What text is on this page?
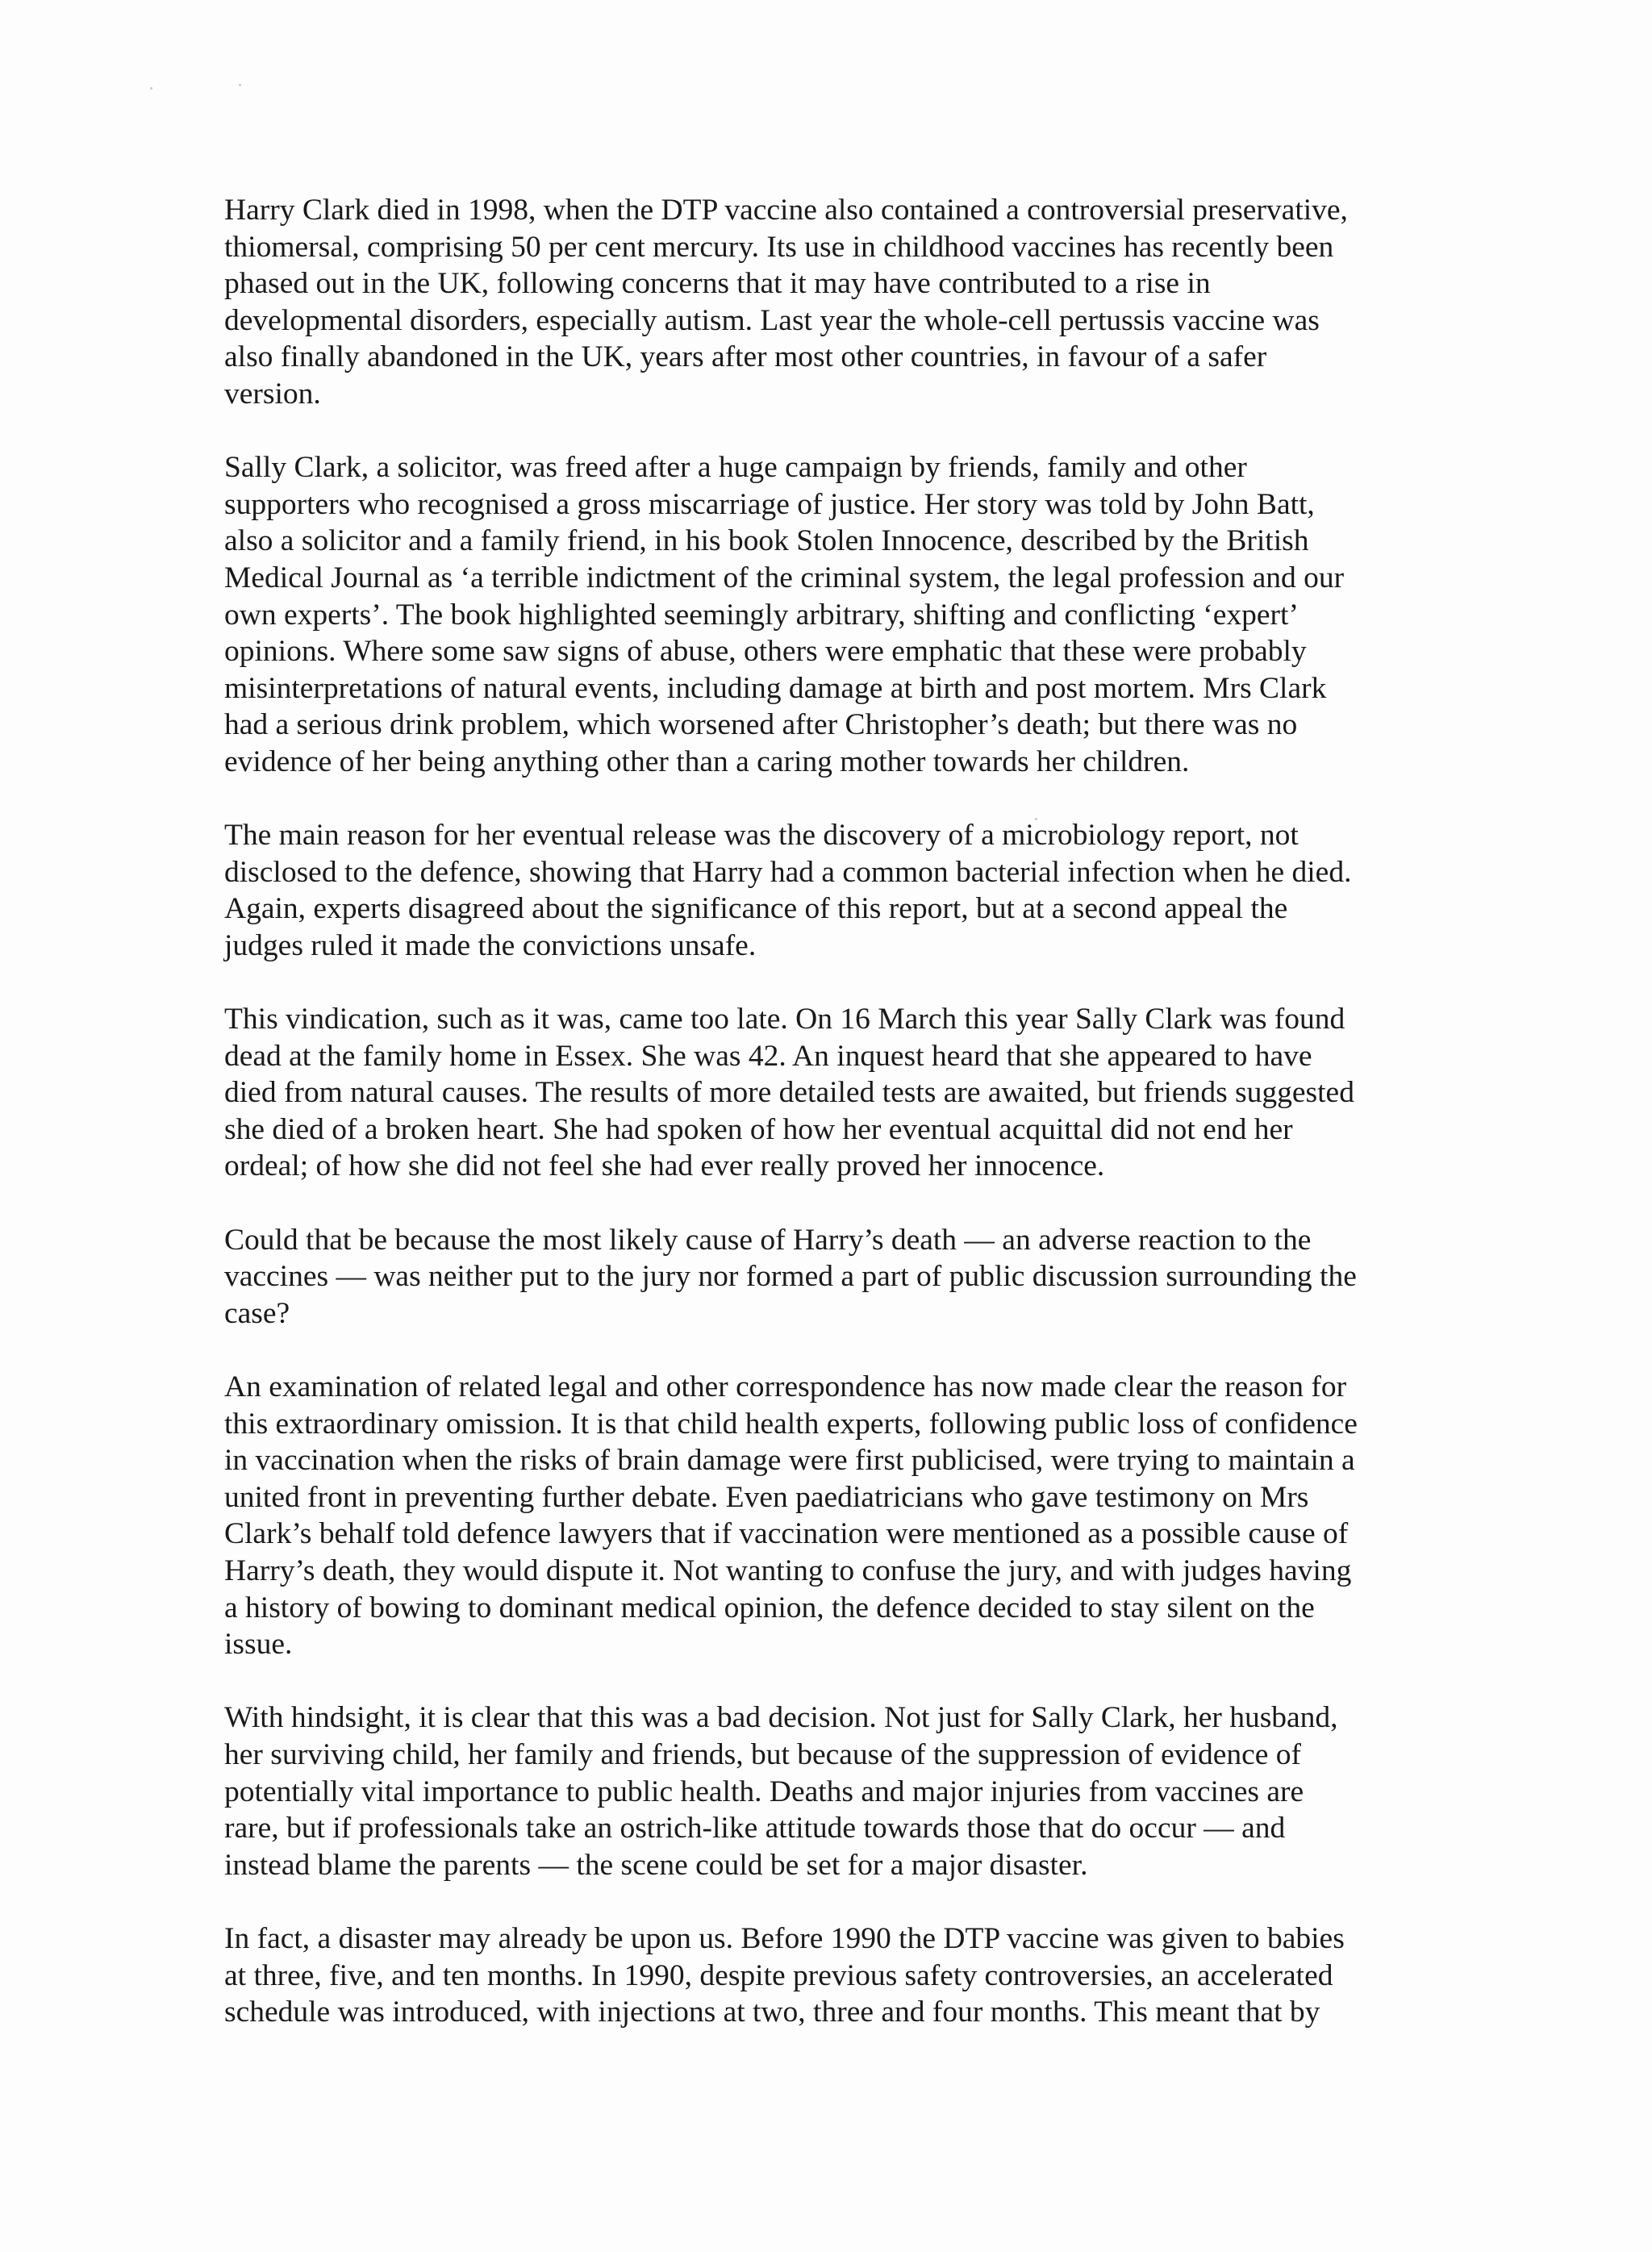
Harry Clark died in 1998, when the DTP vaccine also contained a controversial preservative,
thiomersal, comprising 50 per cent mercury. Its use in childhood vaccines has recently been
phased out in the UK, following concerns that it may have contributed to a rise in
developmental disorders, especially autism. Last year the whole-cell pertussis vaccine was
also finally abandoned in the UK, years after most other countries, in favour of a safer
version.

Sally Clark, a solicitor, was freed after a huge campaign by friends, family and other
supporters who recognised a gross miscarriage of justice. Her story was told by John Batt,
also a solicitor and a family friend, in his book Stolen Innocence, described by the British
Medical Journal as ‘a terrible indictment of the criminal system, the legal profession and our
own experts’. The book highlighted seemingly arbitrary, shifting and conflicting ‘expert’
opinions. Where some saw signs of abuse, others were emphatic that these were probably
misinterpretations of natural events, including damage at birth and post mortem. Mrs Clark
had a serious drink problem, which worsened after Christopher’s death; but there was no
evidence of her being anything other than a caring mother towards her children.

The main reason for her eventual release was the discovery of a microbiology report, not
disclosed to the defence, showing that Harry had a common bacterial infection when he died.
Again, experts disagreed about the significance of this report, but at a second appeal the
judges ruled it made the convictions unsafe.

This vindication, such as it was, came too late. On 16 March this year Sally Clark was found
dead at the family home in Essex. She was 42. An inquest heard that she appeared to have
died from natural causes. The results of more detailed tests are awaited, but friends suggested
she died of a broken heart. She had spoken of how her eventual acquittal did not end her
ordeal; of how she did not feel she had ever really proved her innocence.

Could that be because the most likely cause of Harry’s death — an adverse reaction to the
vaccines — was neither put to the jury nor formed a part of public discussion surrounding the
case?

An examination of related legal and other correspondence has now made clear the reason for
this extraordinary omission. It is that child health experts, following public loss of confidence
in vaccination when the risks of brain damage were first publicised, were trying to maintain a
united front in preventing further debate. Even paediatricians who gave testimony on Mrs
Clark’s behalf told defence lawyers that if vaccination were mentioned as a possible cause of
Harry’s death, they would dispute it. Not wanting to confuse the jury, and with judges having
a history of bowing to dominant medical opinion, the defence decided to stay silent on the
issue.

With hindsight, it is clear that this was a bad decision. Not just for Sally Clark, her husband,
her surviving child, her family and friends, but because of the suppression of evidence of
potentially vital importance to public health. Deaths and major injuries from vaccines are
rare, but if professionals take an ostrich-like attitude towards those that do occur — and
instead blame the parents — the scene could be set for a major disaster.

In fact, a disaster may already be upon us. Before 1990 the DTP vaccine was given to babies
at three, five, and ten months. In 1990, despite previous safety controversies, an accelerated
schedule was introduced, with injections at two, three and four months. This meant that by
